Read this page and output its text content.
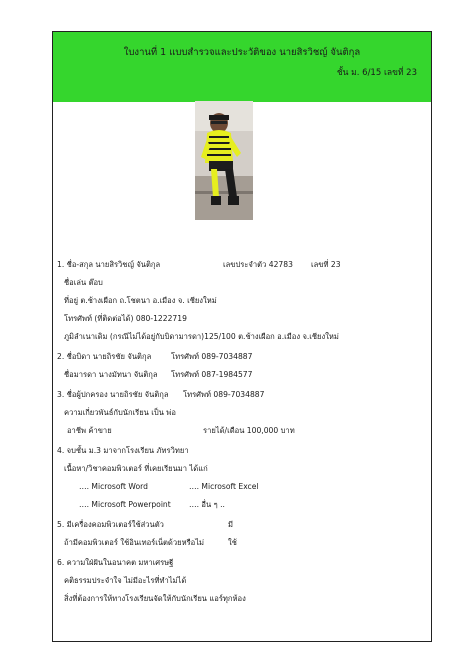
ใบงานที่ 1 แบบสำรวจและประวัติของ นายสิรวิชญ์ จันติกุล
ชั้น ม. 6/15 เลขที่ 23
1. ชื่อ-สกุล นายสิรวิชญ์ จันติกุล	เลขประจำตัว 42783 เลขที่ 23
ชื่อเล่น ต๊อบ
ที่อยู่ ต.ช้างเผือก ถ.โชตนา อ.เมือง จ. เชียงใหม่
โทรศัพท์ (ที่ติดต่อได้) 080-1222719
ภูมิลำเนาเดิม (กรณีไม่ได้อยู่กับบิดามารดา)125/100 ต.ช้างเผือก อ.เมือง จ.เชียงใหม่
2. ชื่อบิดา นายถิรชัย จันติกุล	โทรศัพท์ 089-7034887
ชื่อมารดา นางมัทนา จันติกุล โทรศัพท์ 087-1984577
3. ชื่อผู้ปกครอง นายถิรชัย จันติกุล โทรศัพท์ 089-7034887
ความเกี่ยวพันธ์กับนักเรียน เป็น พ่อ
อาชีพ ค้าขาย	รายได้/เดือน 100,000 บาท
4. จบชั้น ม.3 มาจากโรงเรียน ภัทรวิทยา
เนื้อหา/วิชาคอมพิวเตอร์ ที่เคยเรียนมา ได้แก่
…. Microsoft Word	…. Microsoft Excel
…. Microsoft Powerpoint …. อื่น ๆ ..
5. มีเครื่องคอมพิวเตอร์ใช้ส่วนตัว	มี
ถ้ามีคอมพิวเตอร์ ใช้อินเทอร์เน็ตด้วยหรือไม่	ใช้
6. ความใฝ่ฝันในอนาคต มหาเศรษฐี
คติธรรมประจำใจ ไม่มีอะไรที่ทำไม่ได้
สิ่งที่ต้องการให้ทางโรงเรียนจัดให้กับนักเรียน แอร์ทุกห้อง
